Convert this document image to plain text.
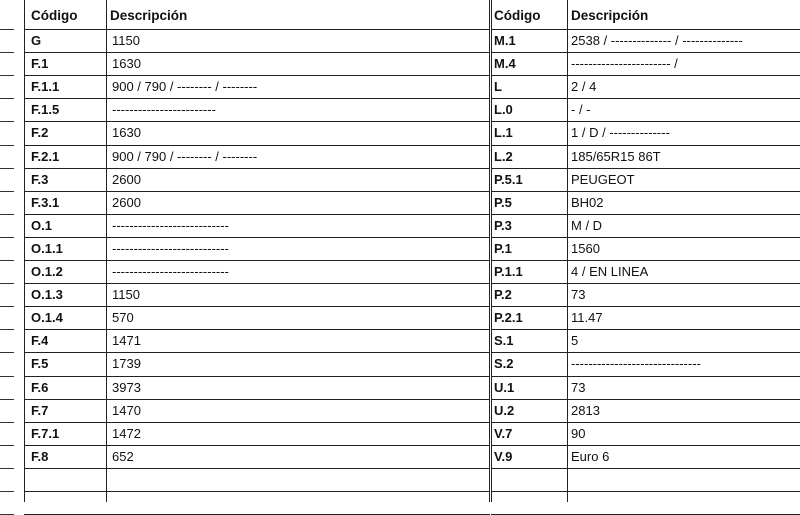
Código Descripción
G	1150
F.1	1630
F.1.1	900 / 790 / -------- / --------
F.1.5	------------------------
F.2	1630
F.2.1	900 / 790 / -------- / --------
F.3	2600
F.3.1	2600
O.1	---------------------------
O.1.1	---------------------------
O.1.2	---------------------------
O.1.3	1150
O.1.4	570
F.4	1471
F.5	1739
F.6	3973
F.7	1470
F.7.1	1472
F.8	652
Código Descripción
M.1	2538 / -------------- / --------------
M.4	----------------------- /
L	2 / 4
L.0	- / -
L.1	1 / D / --------------
L.2	185/65R15 86T
P.5.1	PEUGEOT
P.5	BH02
P.3	M / D
P.1	1560
P.1.1	4 / EN LINEA
P.2	73
P.2.1	11.47
S.1	5
S.2	------------------------------
U.1	73
U.2	2813
V.7	90
V.9	Euro 6
